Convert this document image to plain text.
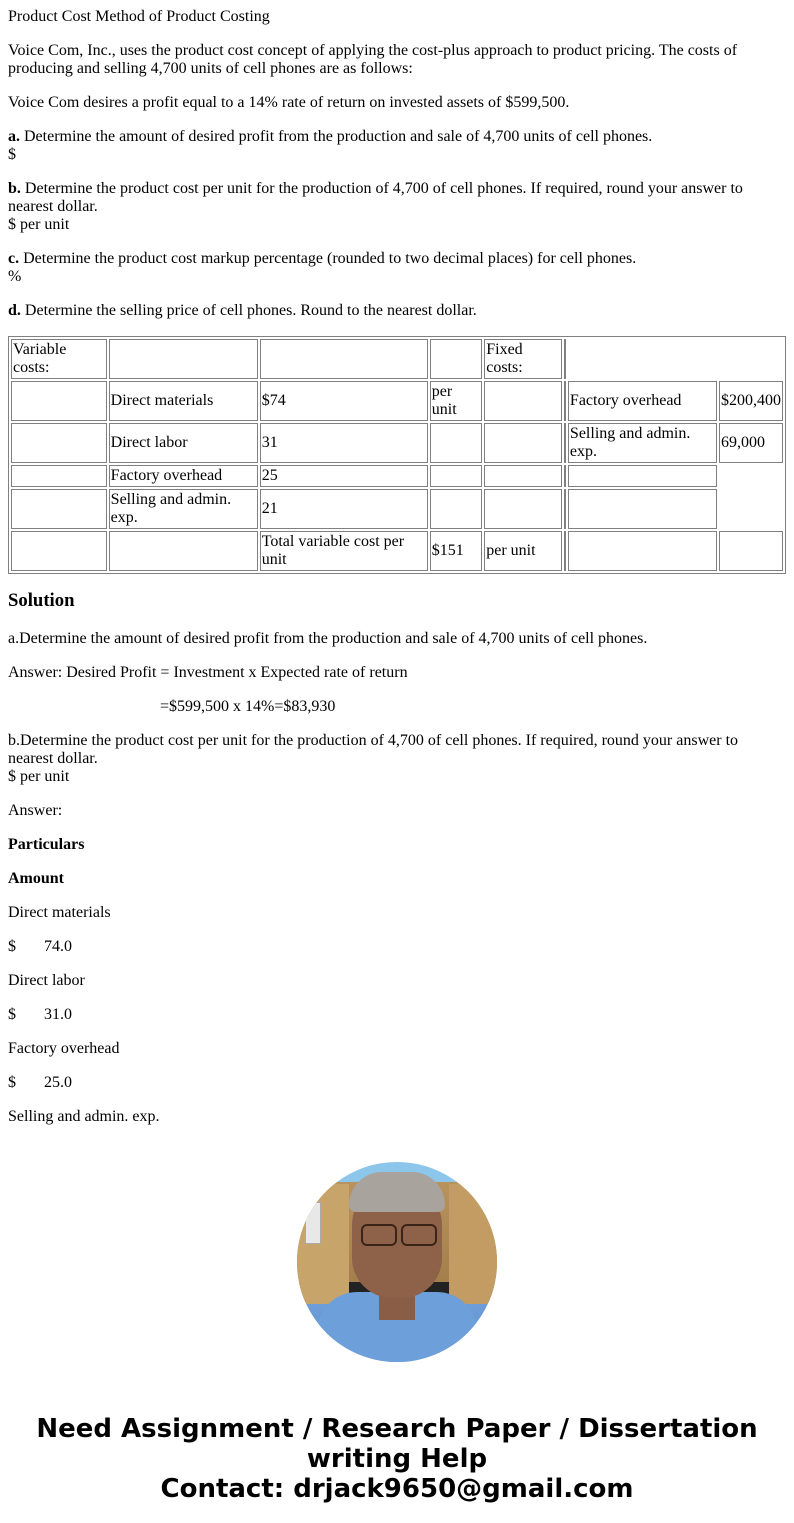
Product Cost Method of Product Costing

Voice Com, Inc., uses the product cost concept of applying the cost-plus approach to product pricing. The costs of producing and selling 4,700 units of cell phones are as follows:

Voice Com desires a profit equal to a 14% rate of return on invested assets of $599,500.

a. Determine the amount of desired profit from the production and sale of 4,700 units of cell phones.
$

b. Determine the product cost per unit for the production of 4,700 of cell phones. If required, round your answer to nearest dollar.
$ per unit

c. Determine the product cost markup percentage (rounded to two decimal places) for cell phones.
%

d. Determine the selling price of cell phones. Round to the nearest dollar.

Variable costs:				Fixed costs:			
	Direct materials	$74	per unit			Factory overhead	$200,400
	Direct labor	31				Selling and admin. exp.	69,000
	Factory overhead	25					
	Selling and admin. exp.	21					
		Total variable cost per unit	$151	per unit			
Solution

a.Determine the amount of desired profit from the production and sale of 4,700 units of cell phones.

Answer: Desired Profit = Investment x Expected rate of return

=$599,500 x 14%=$83,930

b.Determine the product cost per unit for the production of 4,700 of cell phones. If required, round your answer to nearest dollar.
$ per unit

Answer:

Particulars

Amount

Direct materials

$ 74.0

Direct labor

$ 31.0

Factory overhead

$ 25.0

Selling and admin. exp.

Need Assignment / Research Paper / Dissertation
writing Help
Contact: drjack9650@gmail.com
